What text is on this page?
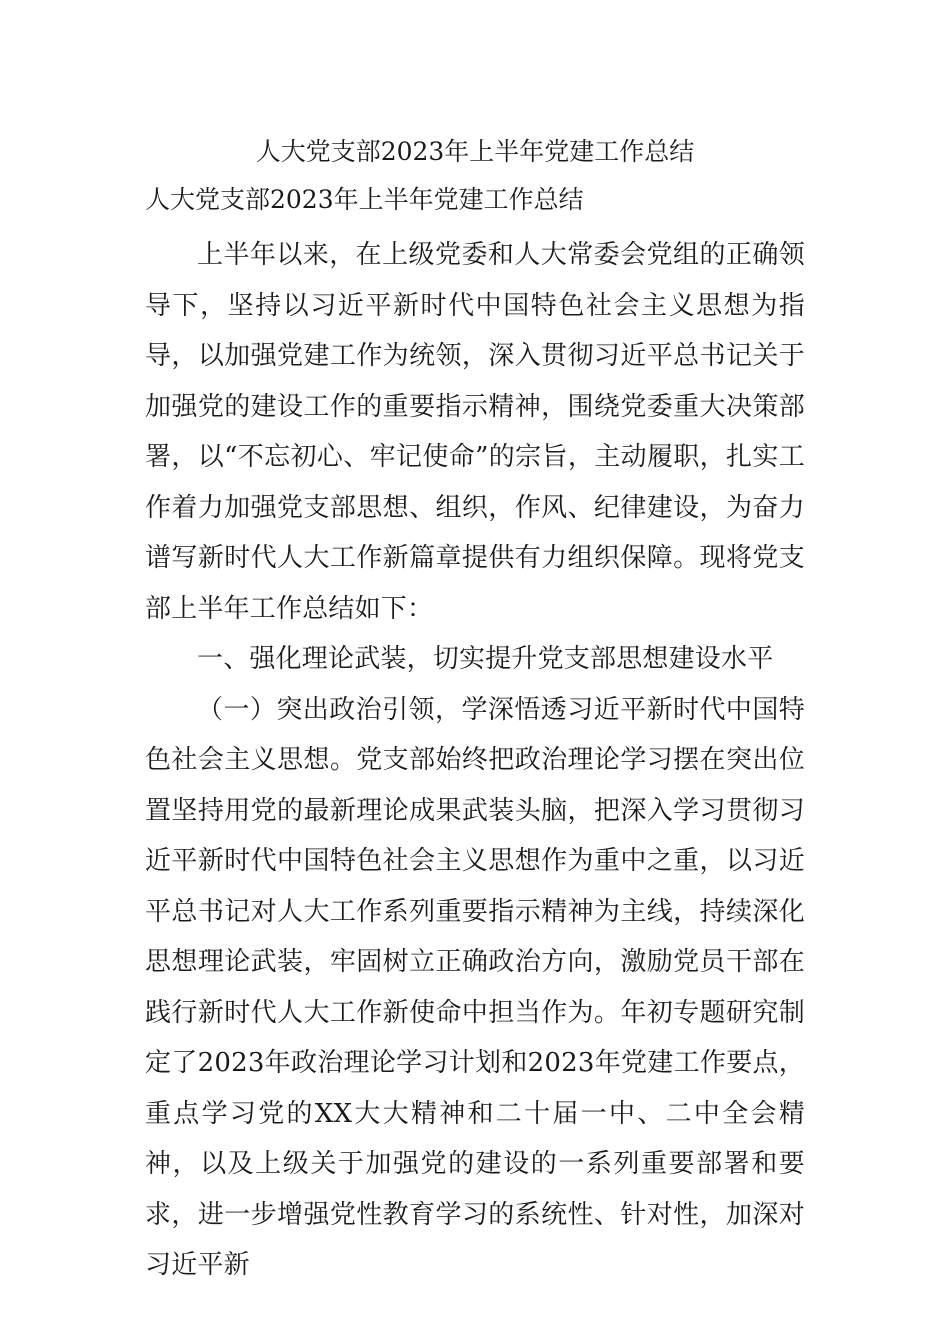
人大党支部2023年上半年党建工作总结
人大党支部2023年上半年党建工作总结

上半年以来，在上级党委和人大常委会党组的正确领导下，坚持以习近平新时代中国特色社会主义思想为指导，以加强党建工作为统领，深入贯彻习近平总书记关于加强党的建设工作的重要指示精神，围绕党委重大决策部署，以“不忘初心、牢记使命”的宗旨，主动履职，扎实工作着力加强党支部思想、组织，作风、纪律建设，为奋力谱写新时代人大工作新篇章提供有力组织保障。现将党支部上半年工作总结如下：

一、强化理论武装，切实提升党支部思想建设水平

（一）突出政治引领，学深悟透习近平新时代中国特色社会主义思想。党支部始终把政治理论学习摆在突出位置坚持用党的最新理论成果武装头脑，把深入学习贯彻习近平新时代中国特色社会主义思想作为重中之重，以习近平总书记对人大工作系列重要指示精神为主线，持续深化思想理论武装，牢固树立正确政治方向，激励党员干部在践行新时代人大工作新使命中担当作为。年初专题研究制定了2023年政治理论学习计划和2023年党建工作要点，重点学习党的XX大大精神和二十届一中、二中全会精神，以及上级关于加强党的建设的一系列重要部署和要求，进一步增强党性教育学习的系统性、针对性，加深对习近平新
